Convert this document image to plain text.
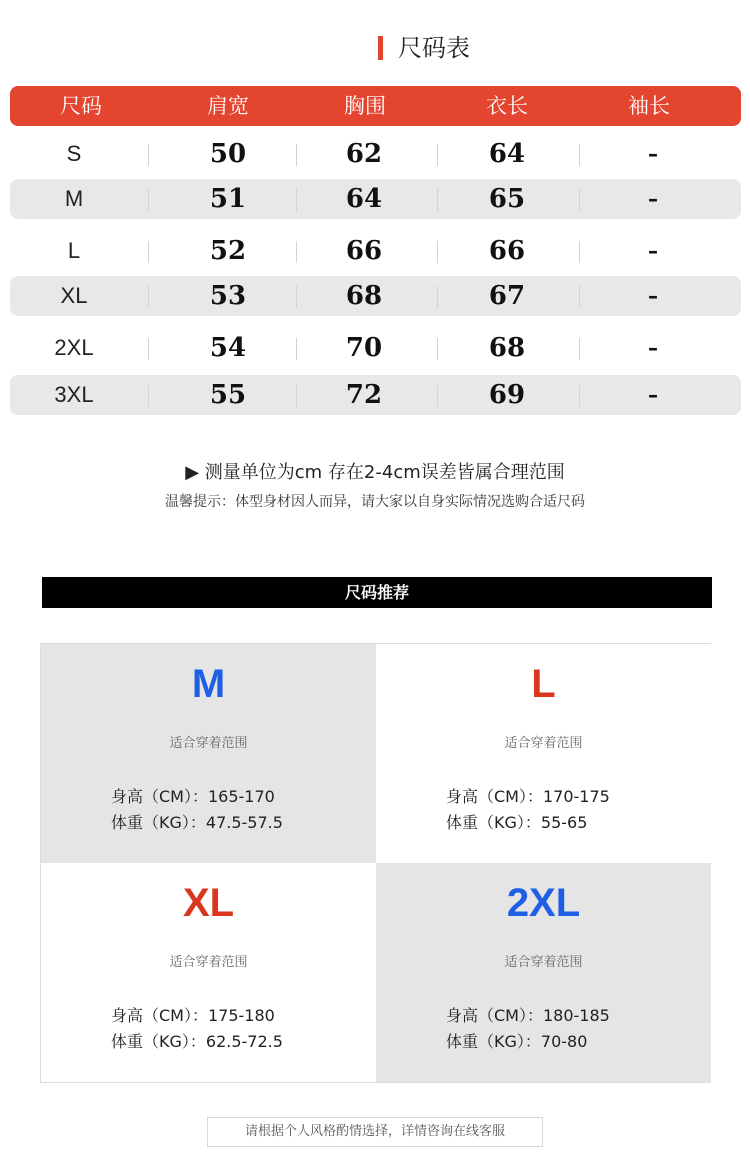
尺码表
尺码	肩宽	胸围	衣长	袖长
S	50	62	64	–
M	51	64	65	–
L	52	66	66	–
XL	53	68	67	–
2XL	54	70	68	–
3XL	55	72	69	–
▶ 测量单位为cm 存在2-4cm误差皆属合理范围
温馨提示：体型身材因人而异，请大家以自身实际情况选购合适尺码
尺码推荐
M
适合穿着范围
身高（CM）：165-170
体重（KG）：47.5-57.5
L
适合穿着范围
身高（CM）：170-175
体重（KG）：55-65
XL
适合穿着范围
身高（CM）：175-180
体重（KG）：62.5-72.5
2XL
适合穿着范围
身高（CM）：180-185
体重（KG）：70-80
请根据个人风格酌情选择，详情咨询在线客服
